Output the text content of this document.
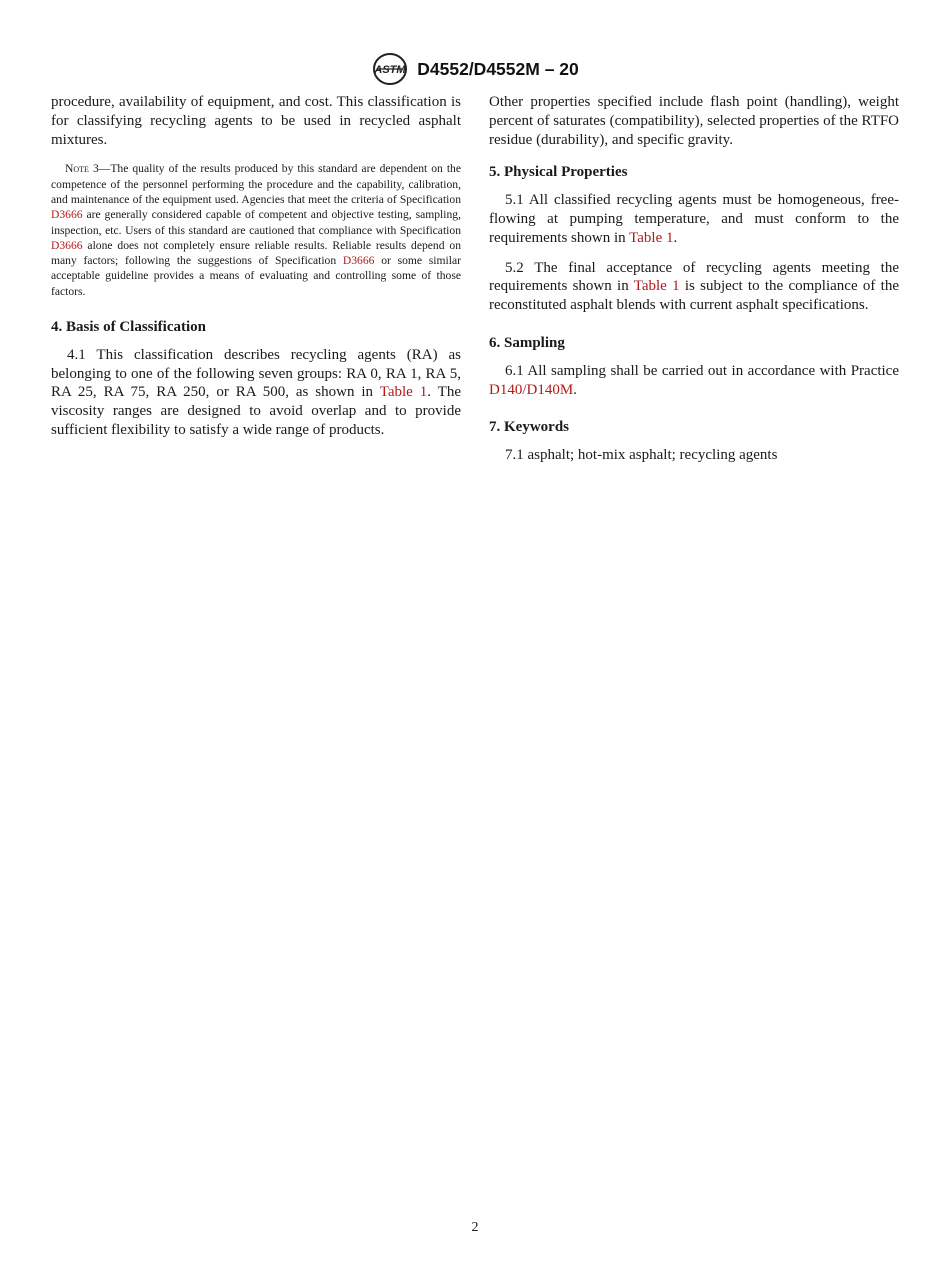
ASTM D4552/D4552M – 20

procedure, availability of equipment, and cost. This classification is for classifying recycling agents to be used in recycled asphalt mixtures.

Note 3—The quality of the results produced by this standard are dependent on the competence of the personnel performing the procedure and the capability, calibration, and maintenance of the equipment used. Agencies that meet the criteria of Specification D3666 are generally considered capable of competent and objective testing, sampling, inspection, etc. Users of this standard are cautioned that compliance with Specification D3666 alone does not completely ensure reliable results. Reliable results depend on many factors; following the suggestions of Specification D3666 or some similar acceptable guideline provides a means of evaluating and controlling some of those factors.

4. Basis of Classification

4.1 This classification describes recycling agents (RA) as belonging to one of the following seven groups: RA 0, RA 1, RA 5, RA 25, RA 75, RA 250, or RA 500, as shown in Table 1. The viscosity ranges are designed to avoid overlap and to provide sufficient flexibility to satisfy a wide range of products.

Other properties specified include flash point (handling), weight percent of saturates (compatibility), selected properties of the RTFO residue (durability), and specific gravity.

5. Physical Properties

5.1 All classified recycling agents must be homogeneous, free-flowing at pumping temperature, and must conform to the requirements shown in Table 1.

5.2 The final acceptance of recycling agents meeting the requirements shown in Table 1 is subject to the compliance of the reconstituted asphalt blends with current asphalt specifications.

6. Sampling

6.1 All sampling shall be carried out in accordance with Practice D140/D140M.

7. Keywords

7.1 asphalt; hot-mix asphalt; recycling agents

2
